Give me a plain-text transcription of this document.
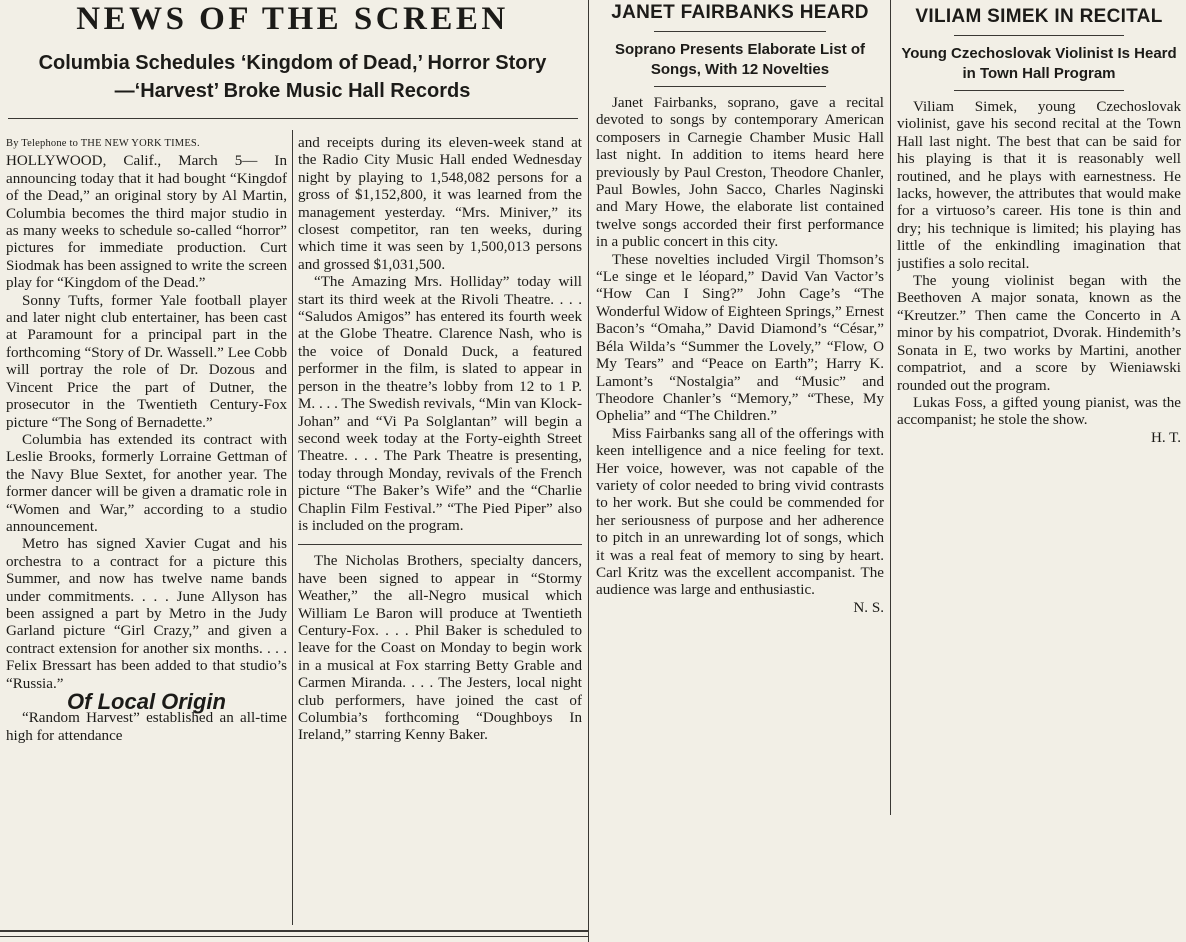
NEWS OF THE SCREEN
Columbia Schedules ‘Kingdom of Dead,’ Horror Story
—‘Harvest’ Broke Music Hall Records

By Telephone to THE NEW YORK TIMES.

HOLLYWOOD, Calif., March 5— In announcing today that it had bought “Kingdof of the Dead,” an original story by Al Martin, Columbia becomes the third major studio in as many weeks to schedule so-called “horror” pictures for immediate production. Curt Siodmak has been assigned to write the screen play for “Kingdom of the Dead.”

Sonny Tufts, former Yale football player and later night club entertainer, has been cast at Paramount for a principal part in the forthcoming “Story of Dr. Wassell.” Lee Cobb will portray the role of Dr. Dozous and Vincent Price the part of Dutner, the prosecutor in the Twentieth Century-Fox picture “The Song of Bernadette.”

Columbia has extended its contract with Leslie Brooks, formerly Lorraine Gettman of the Navy Blue Sextet, for another year. The former dancer will be given a dramatic role in “Women and War,” according to a studio announcement.

Metro has signed Xavier Cugat and his orchestra to a contract for a picture this Summer, and now has twelve name bands under commitments. . . . June Allyson has been assigned a part by Metro in the Judy Garland picture “Girl Crazy,” and given a contract extension for another six months. . . . Felix Bressart has been added to that studio’s “Russia.”

Of Local Origin

“Random Harvest” established an all-time high for attendance

and receipts during its eleven-week stand at the Radio City Music Hall ended Wednesday night by playing to 1,548,082 persons for a gross of $1,152,800, it was learned from the management yesterday. “Mrs. Miniver,” its closest competitor, ran ten weeks, during which time it was seen by 1,500,013 persons and grossed $1,031,500.

“The Amazing Mrs. Holliday” today will start its third week at the Rivoli Theatre. . . . “Saludos Amigos” has entered its fourth week at the Globe Theatre. Clarence Nash, who is the voice of Donald Duck, a featured performer in the film, is slated to appear in person in the theatre’s lobby from 12 to 1 P. M. . . . The Swedish revivals, “Min van Klock-Johan” and “Vi Pa Solglantan” will begin a second week today at the Forty-eighth Street Theatre. . . . The Park Theatre is presenting, today through Monday, revivals of the French picture “The Baker’s Wife” and the “Charlie Chaplin Film Festival.” “The Pied Piper” also is included on the program.

The Nicholas Brothers, specialty dancers, have been signed to appear in “Stormy Weather,” the all-Negro musical which William Le Baron will produce at Twentieth Century-Fox. . . . Phil Baker is scheduled to leave for the Coast on Monday to begin work in a musical at Fox starring Betty Grable and Carmen Miranda. . . . The Jesters, local night club performers, have joined the cast of Columbia’s forthcoming “Doughboys In Ireland,” starring Kenny Baker.

JANET FAIRBANKS HEARD
Soprano Presents Elaborate List of Songs, With 12 Novelties

Janet Fairbanks, soprano, gave a recital devoted to songs by contemporary American composers in Carnegie Chamber Music Hall last night. In addition to items heard here previously by Paul Creston, Theodore Chanler, Paul Bowles, John Sacco, Charles Naginski and Mary Howe, the elaborate list contained twelve songs accorded their first performance in a public concert in this city.

These novelties included Virgil Thomson’s “Le singe et le léopard,” David Van Vactor’s “How Can I Sing?” John Cage’s “The Wonderful Widow of Eighteen Springs,” Ernest Bacon’s “Omaha,” David Diamond’s “César,” Béla Wilda’s “Summer the Lovely,” “Flow, O My Tears” and “Peace on Earth”; Harry K. Lamont’s “Nostalgia” and “Music” and Theodore Chanler’s “Memory,” “These, My Ophelia” and “The Children.”

Miss Fairbanks sang all of the offerings with keen intelligence and a nice feeling for text. Her voice, however, was not capable of the variety of color needed to bring vivid contrasts to her work. But she could be commended for her seriousness of purpose and her adherence to pitch in an unrewarding lot of songs, which it was a real feat of memory to sing by heart. Carl Kritz was the excellent accompanist. The audience was large and enthusiastic.

N. S.

VILIAM SIMEK IN RECITAL
Young Czechoslovak Violinist Is Heard in Town Hall Program

Viliam Simek, young Czechoslovak violinist, gave his second recital at the Town Hall last night. The best that can be said for his playing is that it is reasonably well routined, and he plays with earnestness. He lacks, however, the attributes that would make for a virtuoso’s career. His tone is thin and dry; his technique is limited; his playing has little of the enkindling imagination that justifies a solo recital.

The young violinist began with the Beethoven A major sonata, known as the “Kreutzer.” Then came the Concerto in A minor by his compatriot, Dvorak. Hindemith’s Sonata in E, two works by Martini, another compatriot, and a score by Wieniawski rounded out the program.

Lukas Foss, a gifted young pianist, was the accompanist; he stole the show.

H. T.
